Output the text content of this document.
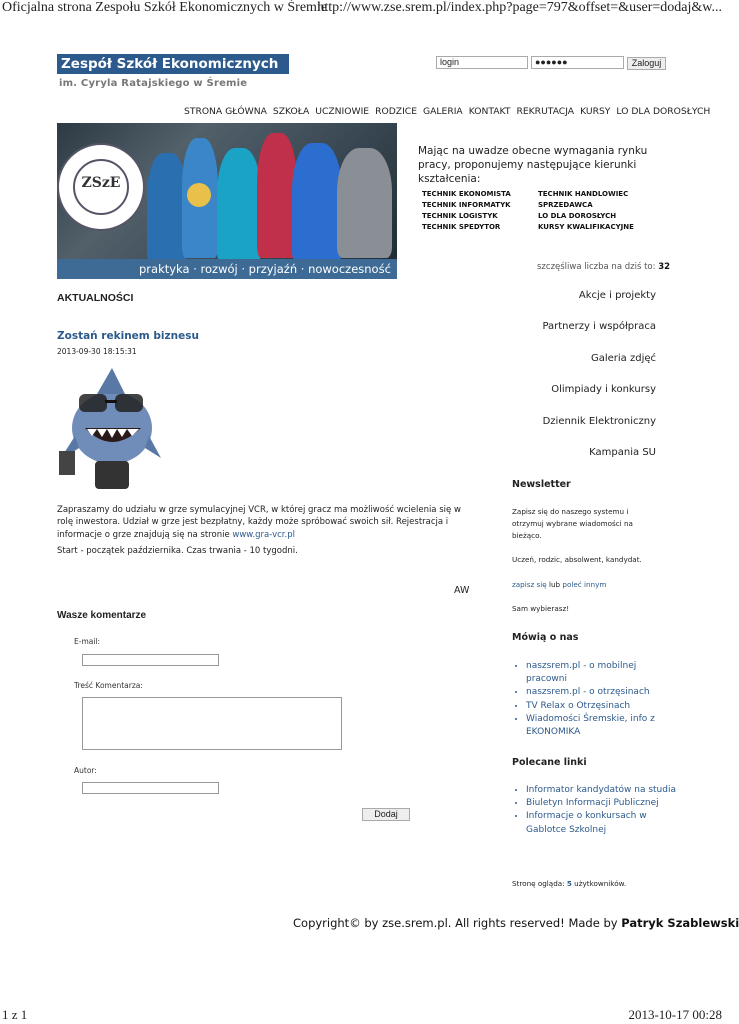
Oficjalna strona Zespołu Szkół Ekonomicznych w Śremie
http://www.zse.srem.pl/index.php?page=797&offset=&user=dodaj&w...
Zespół Szkół Ekonomicznych
im. Cyryla Ratajskiego w Śremie
login	●●●●●●	Zaloguj
STRONA GŁÓWNA SZKOŁA UCZNIOWIE RODZICE GALERIA KONTAKT REKRUTACJA KURSY LO DLA DOROSŁYCH
ZSzE
praktyka · rozwój · przyjaźń · nowoczesność
Mając na uwadze obecne wymagania rynku pracy, proponujemy następujące kierunki kształcenia:
TECHNIK EKONOMISTA	TECHNIK HANDLOWIEC
TECHNIK INFORMATYK	SPRZEDAWCA
TECHNIK LOGISTYK	LO DLA DOROSŁYCH
TECHNIK SPEDYTOR	KURSY KWALIFIKACYJNE
szczęśliwa liczba na dziś to: 32
Akcje i projekty
Partnerzy i współpraca
Galeria zdjęć
Olimpiady i konkursy
Dziennik Elektroniczny
Kampania SU
AKTUALNOŚCI
Zostań rekinem biznesu
2013-09-30 18:15:31
Zapraszamy do udziału w grze symulacyjnej VCR, w której gracz ma możliwość wcielenia się w rolę inwestora. Udział w grze jest bezpłatny, każdy może spróbować swoich sił. Rejestracja i informacje o grze znajdują się na stronie www.gra-vcr.pl
Start - początek października. Czas trwania - 10 tygodni.
AW
Wasze komentarze
E-mail:
Treść Komentarza:
Autor:
Dodaj
Newsletter
Zapisz się do naszego systemu i otrzymuj wybrane wiadomości na bieżąco.
Uczeń, rodzic, absolwent, kandydat.
zapisz się lub poleć innym
Sam wybierasz!
Mówią o nas
• naszsrem.pl - o mobilnej pracowni
• naszsrem.pl - o otrzęsinach
• TV Relax o Otrzęsinach
• Wiadomości Śremskie, info z EKONOMIKA
Polecane linki
• Informator kandydatów na studia
• Biuletyn Informacji Publicznej
• Informacje o konkursach w Gablotce Szkolnej
Stronę ogląda: 5 użytkowników.
Copyright© by zse.srem.pl. All rights reserved! Made by Patryk Szablewski
1 z 1	2013-10-17 00:28
